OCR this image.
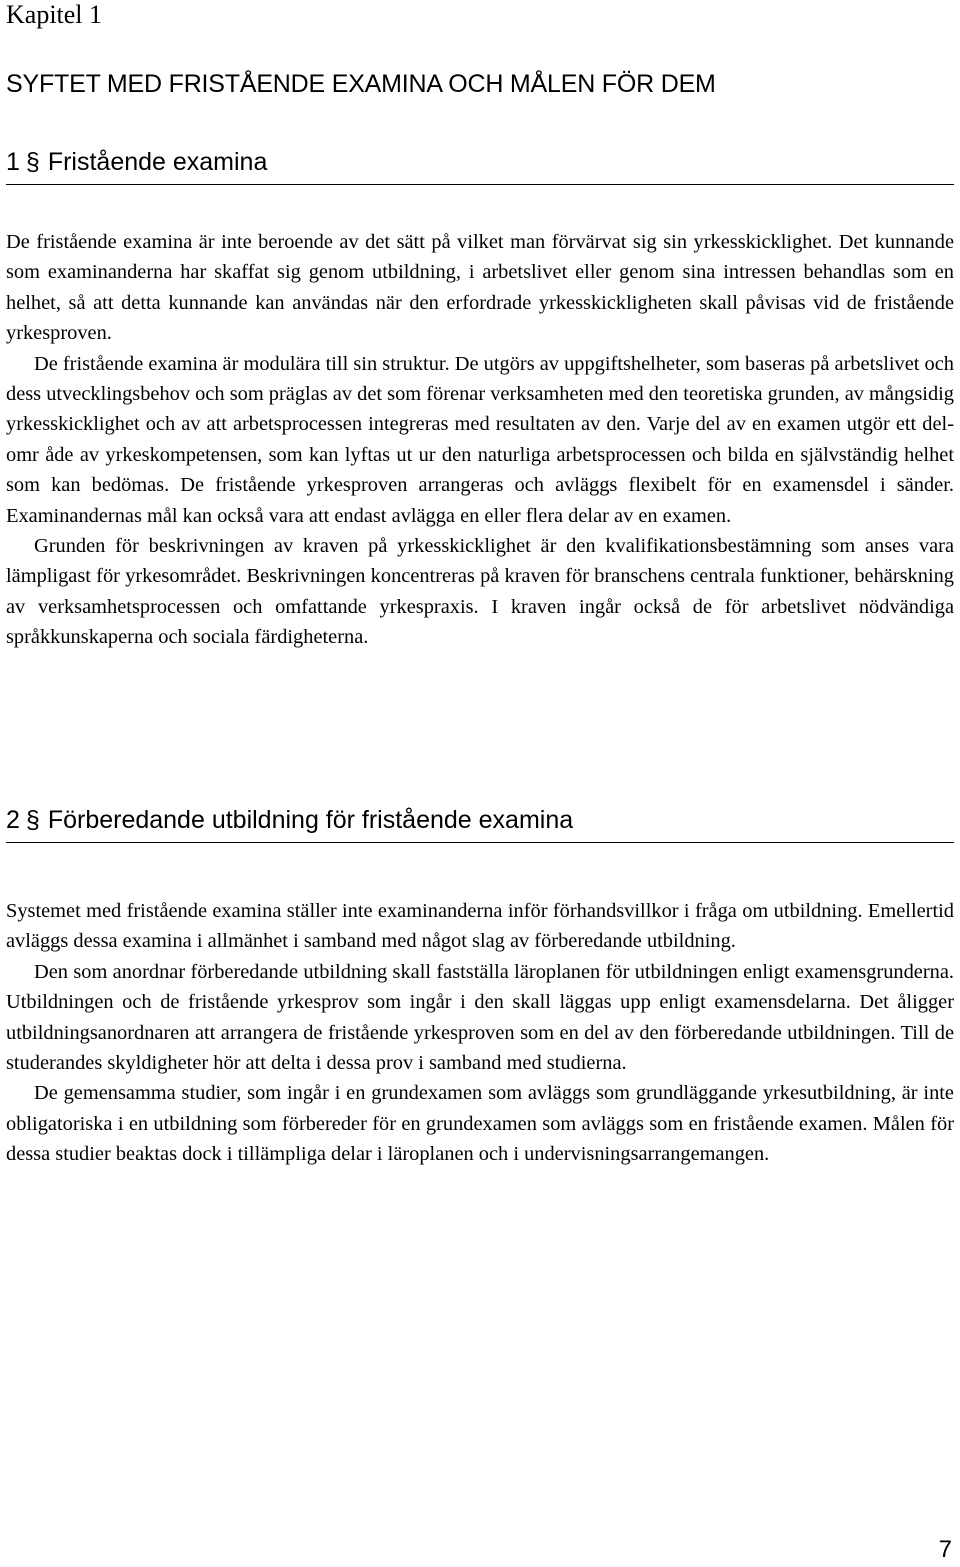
Kapitel 1
SYFTET MED FRISTÅENDE EXAMINA OCH MÅLEN FÖR DEM
1 § Fristående examina

De fristående examina är inte beroende av det sätt på vilket man förvärvat sig sin yrkesskicklighet. Det kunnande som examinanderna har skaffat sig genom utbildning, i arbetslivet eller genom sina intressen behandlas som en helhet, så att detta kunnande kan användas när den erfordrade yrkesskickligheten skall påvisas vid de fristående yrkesproven.

De fristående examina är modulära till sin struktur. De utgörs av uppgiftshelheter, som baseras på arbetslivet och dess utvecklingsbehov och som präglas av det som förenar verksamheten med den teoretiska grunden, av mångsidig yrkesskicklighet och av att arbetsprocessen integreras med resultaten av den. Varje del av en examen utgör ett delomr åde av yrkeskompetensen, som kan lyftas ut ur den naturliga arbetsprocessen och bilda en självständig helhet som kan bedömas. De fristående yrkesproven arrangeras och avläggs flexibelt för en examensdel i sänder. Examinandernas mål kan också vara att endast avlägga en eller flera delar av en examen.

Grunden för beskrivningen av kraven på yrkesskicklighet är den kvalifikationsbestämning som anses vara lämpligast för yrkesområdet. Beskrivningen koncentreras på kraven för branschens centrala funktioner, behärskning av verksamhetsprocessen och omfattande yrkespraxis. I kraven ingår också de för arbetslivet nödvändiga språkkunskaperna och sociala färdigheterna.

2 § Förberedande utbildning för fristående examina

Systemet med fristående examina ställer inte examinanderna inför förhandsvillkor i fråga om utbildning. Emellertid avläggs dessa examina i allmänhet i samband med något slag av förberedande utbildning.

Den som anordnar förberedande utbildning skall fastställa läroplanen för utbildningen enligt examensgrunderna. Utbildningen och de fristående yrkesprov som ingår i den skall läggas upp enligt examensdelarna. Det åligger utbildningsanordnaren att arrangera de fristående yrkesproven som en del av den förberedande utbildningen. Till de studerandes skyldigheter hör att delta i dessa prov i samband med studierna.

De gemensamma studier, som ingår i en grundexamen som avläggs som grundläggande yrkesutbildning, är inte obligatoriska i en utbildning som förbereder för en grundexamen som avläggs som en fristående examen. Målen för dessa studier beaktas dock i tillämpliga delar i läroplanen och i undervisningsarrangemangen.

7
